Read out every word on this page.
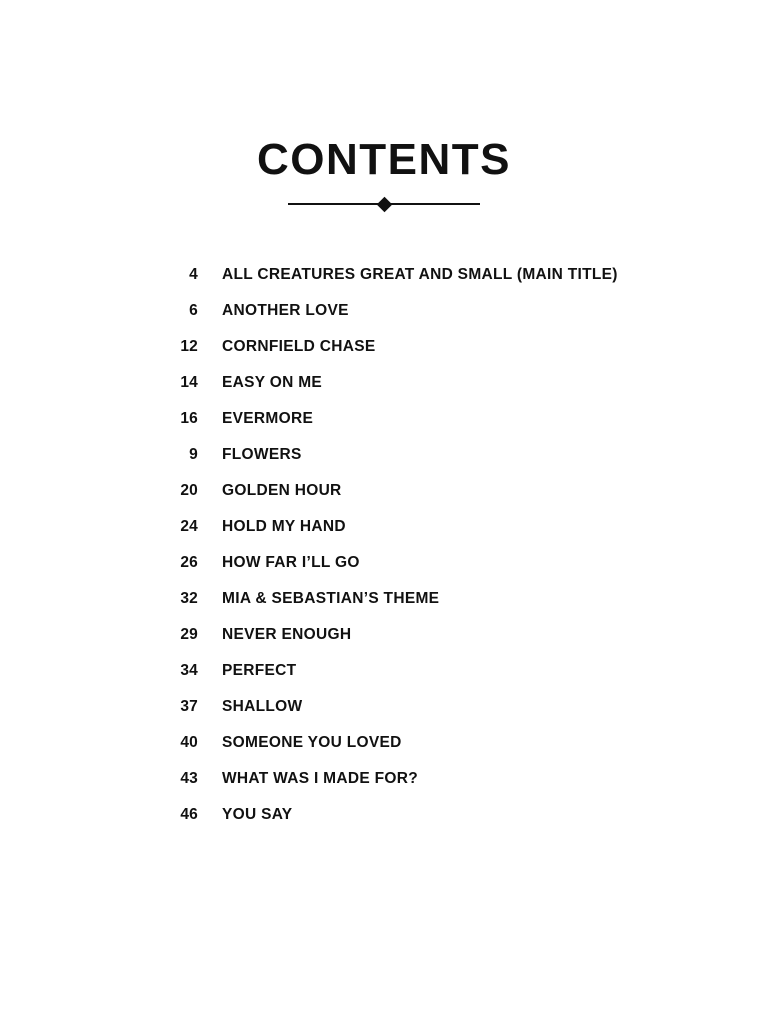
CONTENTS
4	ALL CREATURES GREAT AND SMALL (MAIN TITLE)
6	ANOTHER LOVE
12	CORNFIELD CHASE
14	EASY ON ME
16	EVERMORE
9	FLOWERS
20	GOLDEN HOUR
24	HOLD MY HAND
26	HOW FAR I’LL GO
32	MIA & SEBASTIAN’S THEME
29	NEVER ENOUGH
34	PERFECT
37	SHALLOW
40	SOMEONE YOU LOVED
43	WHAT WAS I MADE FOR?
46	YOU SAY
